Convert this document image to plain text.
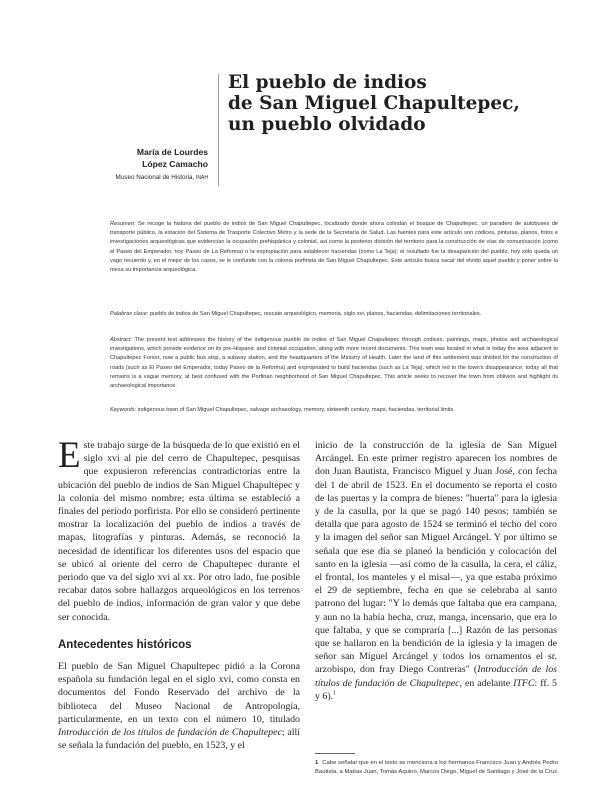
El pueblo de indios
de San Miguel Chapultepec,
un pueblo olvidado
María de Lourdes
López Camacho
Museo Nacional de Historia, INAH
Resumen: Se recoge la historia del pueblo de indios de San Miguel Chapultepec, localizado donde ahora colindan el bosque de Chapultepec, un paradero de autobuses de transporte público, la estación del Sistema de Trasporte Colectivo Metro y la sede de la Secretaría de Salud. Las fuentes para este artículo son códices, pinturas, planos, fotos e investigaciones arqueológicas que evidencian la ocupación prehispánica y colonial, así como la posterior división del territorio para la construcción de vías de comunicación (como el Paseo del Emperador, hoy Paseo de La Reforma) o la expropiación para establecer haciendas (como La Teja); el resultado fue la desaparición del pueblo; hoy sólo queda un vago recuerdo y, en el mejor de los casos, se le confunde con la colonia porfirista de San Miguel Chapultepec. Este artículo busca sacar del olvido aquel pueblo y poner sobre la mesa su importancia arqueológica.
Palabras clave: pueblo de indios de San Miguel Chapultepec, rescate arqueológico, memoria, siglo xvi, planos, haciendas, delimitaciones territoriales.
Abstract: The present text addresses the history of the indigenous pueblo de indios of San Miguel Chapultepec through codices, paintings, maps, photos and archaeological investigations, which provide evidence on its pre-Hispanic and colonial occupation, along with more recent documents. This town was located in what is today the area adjacent to Chapultepec Forest, now a public bus stop, a subway station, and the headquarters of the Ministry of Health. Later the land of this settlement was divided for the construction of roads (such as El Paseo del Emperador, today Paseo de la Reforma) and expropriated to build haciendas (such as La Teja), which led to the town's disappearance; today all that remains is a vague memory, at best confused with the Porfirian neighborhood of San Miguel Chapultepec. This article seeks to recover the town from oblivion and highlight its archaeological importance.
Keywords: indigenous town of San Miguel Chapultepec, salvage archaeology, memory, sixteenth century, maps, haciendas, territorial limits.

Este trabajo surge de la búsqueda de lo que existió en el siglo xvi al pie del cerro de Chapultepec, pesquisas que expusieron referencias contradictorias entre la ubicación del pueblo de indios de San Miguel Chapultepec y la colonia del mismo nombre; esta última se estableció a finales del periodo porfirista. Por ello se consideró pertinente mostrar la localización del pueblo de indios a través de mapas, litografías y pinturas. Además, se reconoció la necesidad de identificar los diferentes usos del espacio que se ubicó al oriente del cerro de Chapultepec durante el periodo que va del siglo xvi al xx. Por otro lado, fue posible recabar datos sobre hallazgos arqueológicos en los terrenos del pueblo de indios, información de gran valor y que debe ser conocida.

Antecedentes históricos
El pueblo de San Miguel Chapultepec pidió a la Corona española su fundación legal en el siglo xvi, como consta en documentos del Fondo Reservado del archivo de la biblioteca del Museo Nacional de Antropología, particularmente, en un texto con el número 10, titulado Introducción de los títulos de fundación de Chapultepec; allí se señala la fundación del pueblo, en 1523, y el
inicio de la construcción de la iglesia de San Miguel Arcángel. En este primer registro aparecen los nombres de don Juan Bautista, Francisco Miguel y Juan José, con fecha del 1 de abril de 1523. En el documento se reporta el costo de las puertas y la compra de bienes: "huerta" para la iglesia y de la casulla, por la que se pagó 140 pesos; también se detalla que para agosto de 1524 se terminó el techo del coro y la imagen del señor san Miguel Arcángel. Y por último se señala que ese día se planeó la bendición y colocación del santo en la iglesia —así como de la casulla, la cera, el cáliz, el frontal, los manteles y el misal—, ya que estaba próximo el 29 de septiembre, fecha en que se celebraba al santo patrono del lugar: "Y lo demás que faltaba que era campana, y aun no la había hecha, cruz, manga, incensario, que era lo que faltaba, y que se compraría [...] Razón de las personas que se hallaron en la bendición de la iglesia y la imagen de señor san Miguel Arcángel y todos los ornamentos el sr. arzobispo, don fray Diego Contreras" (Introducción de los títulos de fundación de Chapultepec, en adelante ITFC: ff. 5 y 6).$^1$
1 Cabe señalar que en el texto se menciona a los hermanos Francisco Juan y Andrés Pedro Bautista, a Matías Juan, Tomás Aquino, Marcos Diego, Miguel de Santiago y José de la Cruz.
